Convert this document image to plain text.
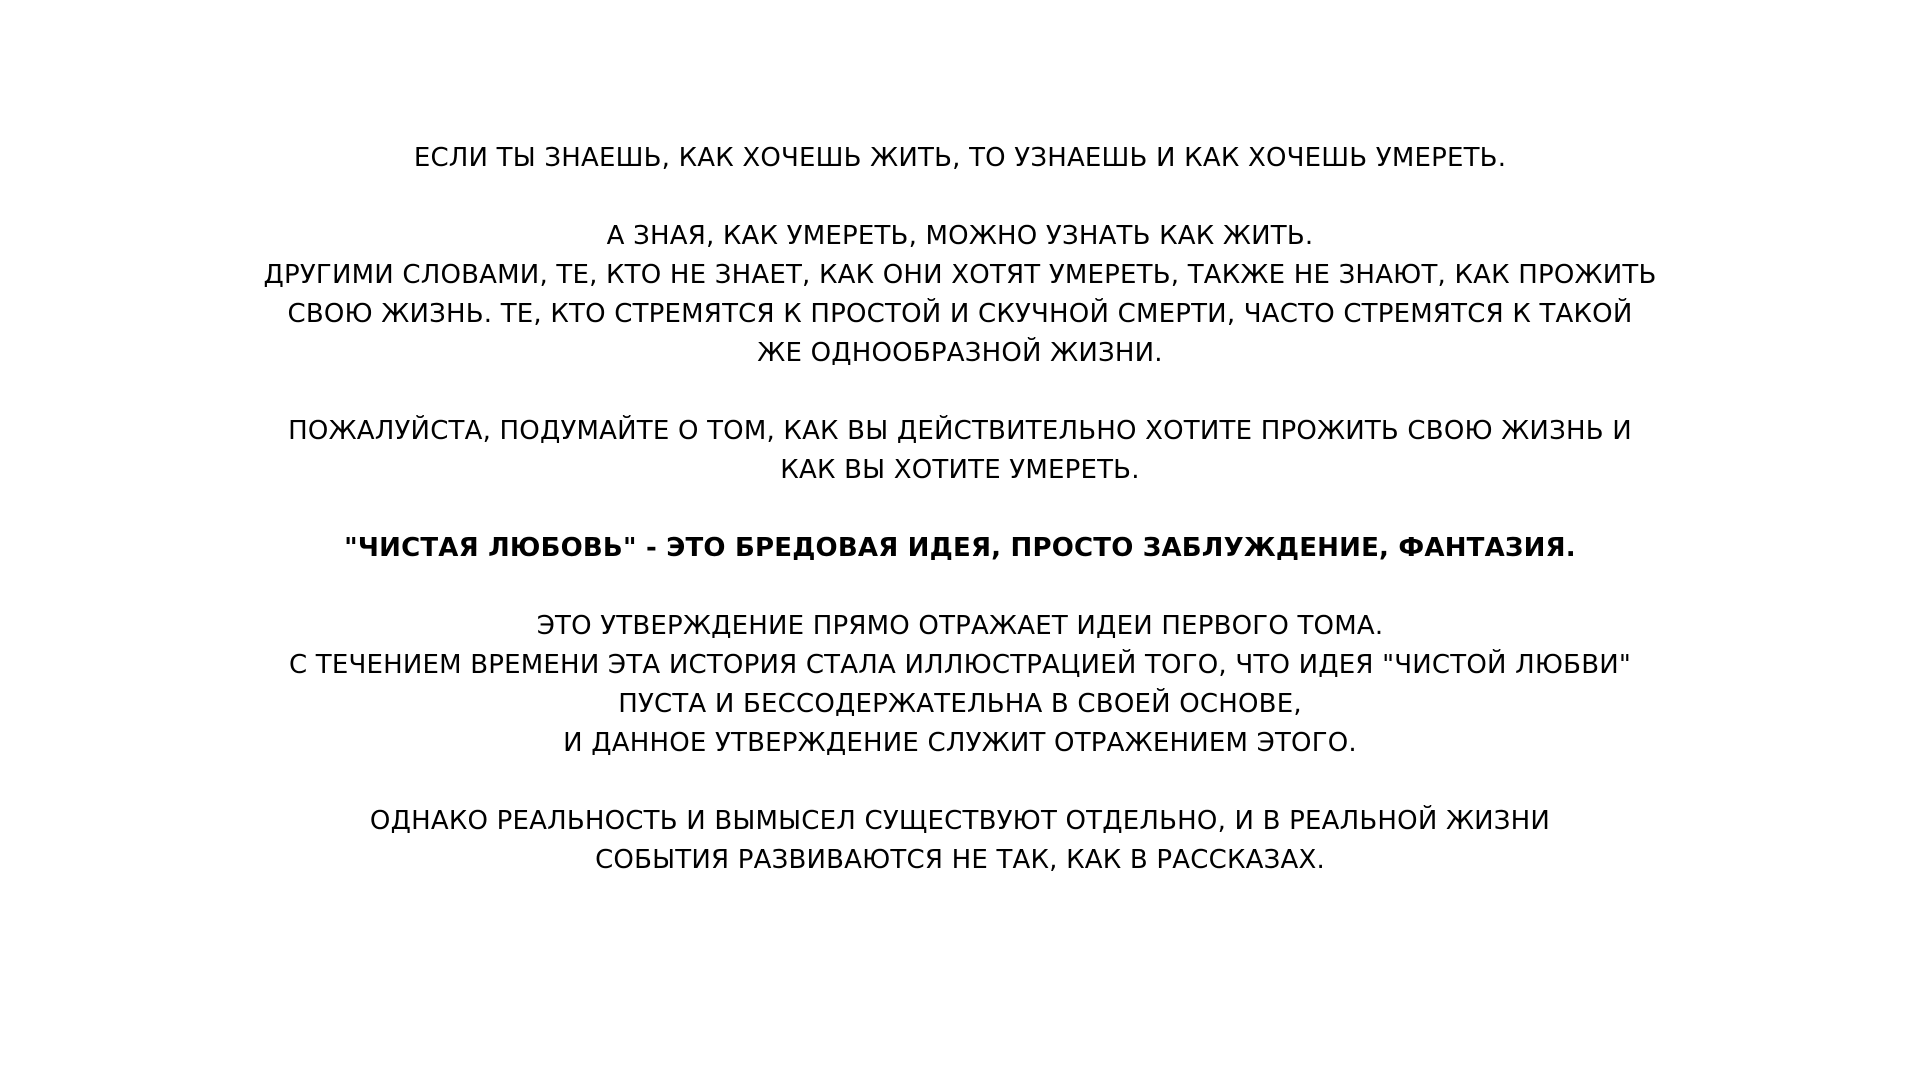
ЕСЛИ ТЫ ЗНАЕШЬ, КАК ХОЧЕШЬ ЖИТЬ, ТО УЗНАЕШЬ И КАК ХОЧЕШЬ УМЕРЕТЬ.

А ЗНАЯ, КАК УМЕРЕТЬ, МОЖНО УЗНАТЬ КАК ЖИТЬ.
ДРУГИМИ СЛОВАМИ, ТЕ, КТО НЕ ЗНАЕТ, КАК ОНИ ХОТЯТ УМЕРЕТЬ, ТАКЖЕ НЕ ЗНАЮТ, КАК ПРОЖИТЬ
СВОЮ ЖИЗНЬ. ТЕ, КТО СТРЕМЯТСЯ К ПРОСТОЙ И СКУЧНОЙ СМЕРТИ, ЧАСТО СТРЕМЯТСЯ К ТАКОЙ
ЖЕ ОДНООБРАЗНОЙ ЖИЗНИ.

ПОЖАЛУЙСТА, ПОДУМАЙТЕ О ТОМ, КАК ВЫ ДЕЙСТВИТЕЛЬНО ХОТИТЕ ПРОЖИТЬ СВОЮ ЖИЗНЬ И
КАК ВЫ ХОТИТЕ УМЕРЕТЬ.

"ЧИСТАЯ ЛЮБОВЬ" - ЭТО БРЕДОВАЯ ИДЕЯ, ПРОСТО ЗАБЛУЖДЕНИЕ, ФАНТАЗИЯ.

ЭТО УТВЕРЖДЕНИЕ ПРЯМО ОТРАЖАЕТ ИДЕИ ПЕРВОГО ТОМА.
С ТЕЧЕНИЕМ ВРЕМЕНИ ЭТА ИСТОРИЯ СТАЛА ИЛЛЮСТРАЦИЕЙ ТОГО, ЧТО ИДЕЯ "ЧИСТОЙ ЛЮБВИ"
ПУСТА И БЕССОДЕРЖАТЕЛЬНА В СВОЕЙ ОСНОВЕ,
И ДАННОЕ УТВЕРЖДЕНИЕ СЛУЖИТ ОТРАЖЕНИЕМ ЭТОГО.

ОДНАКО РЕАЛЬНОСТЬ И ВЫМЫСЕЛ СУЩЕСТВУЮТ ОТДЕЛЬНО, И В РЕАЛЬНОЙ ЖИЗНИ
СОБЫТИЯ РАЗВИВАЮТСЯ НЕ ТАК, КАК В РАССКАЗАХ.
